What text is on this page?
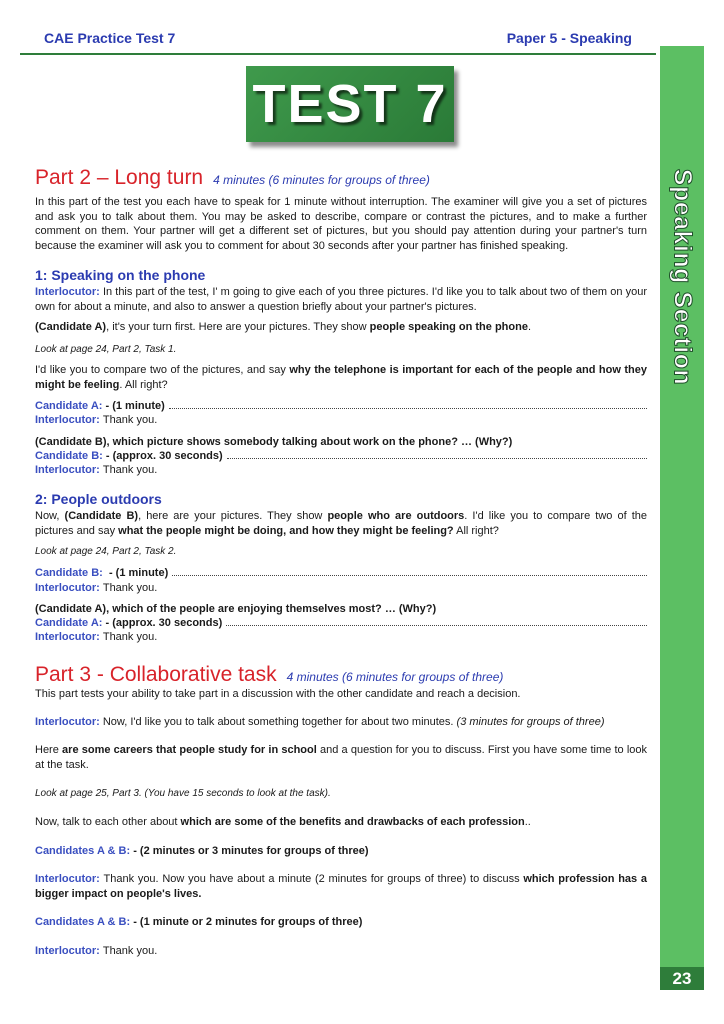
CAE Practice Test 7	Paper 5 - Speaking
TEST 7
Speaking Section
23
Part 2 – Long turn 4 minutes (6 minutes for groups of three)
In this part of the test you each have to speak for 1 minute without interruption. The examiner will give you a set of pictures and ask you to talk about them. You may be asked to describe, compare or contrast the pictures, and to make a further comment on them. Your partner will get a different set of pictures, but you should pay attention during your partner's turn because the examiner will ask you to comment for about 30 seconds after your partner has finished speaking.
1: Speaking on the phone
Interlocutor: In this part of the test, I' m going to give each of you three pictures. I'd like you to talk about two of them on your own for about a minute, and also to answer a question briefly about your partner's pictures.
(Candidate A), it's your turn first. Here are your pictures. They show people speaking on the phone.
Look at page 24, Part 2, Task 1.
I'd like you to compare two of the pictures, and say why the telephone is important for each of the people and how they might be feeling. All right?
Candidate A: - (1 minute)
Interlocutor: Thank you.
(Candidate B), which picture shows somebody talking about work on the phone? … (Why?)
Candidate B: - (approx. 30 seconds)
Interlocutor: Thank you.
2: People outdoors
Now, (Candidate B), here are your pictures. They show people who are outdoors. I'd like you to compare two of the pictures and say what the people might be doing, and how they might be feeling? All right?
Look at page 24, Part 2, Task 2.
Candidate B: - (1 minute)
Interlocutor: Thank you.
(Candidate A), which of the people are enjoying themselves most? … (Why?)
Candidate A: - (approx. 30 seconds)
Interlocutor: Thank you.
Part 3 - Collaborative task 4 minutes (6 minutes for groups of three)
This part tests your ability to take part in a discussion with the other candidate and reach a decision.
Interlocutor: Now, I'd like you to talk about something together for about two minutes. (3 minutes for groups of three)
Here are some careers that people study for in school and a question for you to discuss. First you have some time to look at the task.
Look at page 25, Part 3. (You have 15 seconds to look at the task).
Now, talk to each other about which are some of the benefits and drawbacks of each profession..
Candidates A & B: - (2 minutes or 3 minutes for groups of three)
Interlocutor: Thank you. Now you have about a minute (2 minutes for groups of three) to discuss which profession has a bigger impact on people's lives.
Candidates A & B: - (1 minute or 2 minutes for groups of three)
Interlocutor: Thank you.
